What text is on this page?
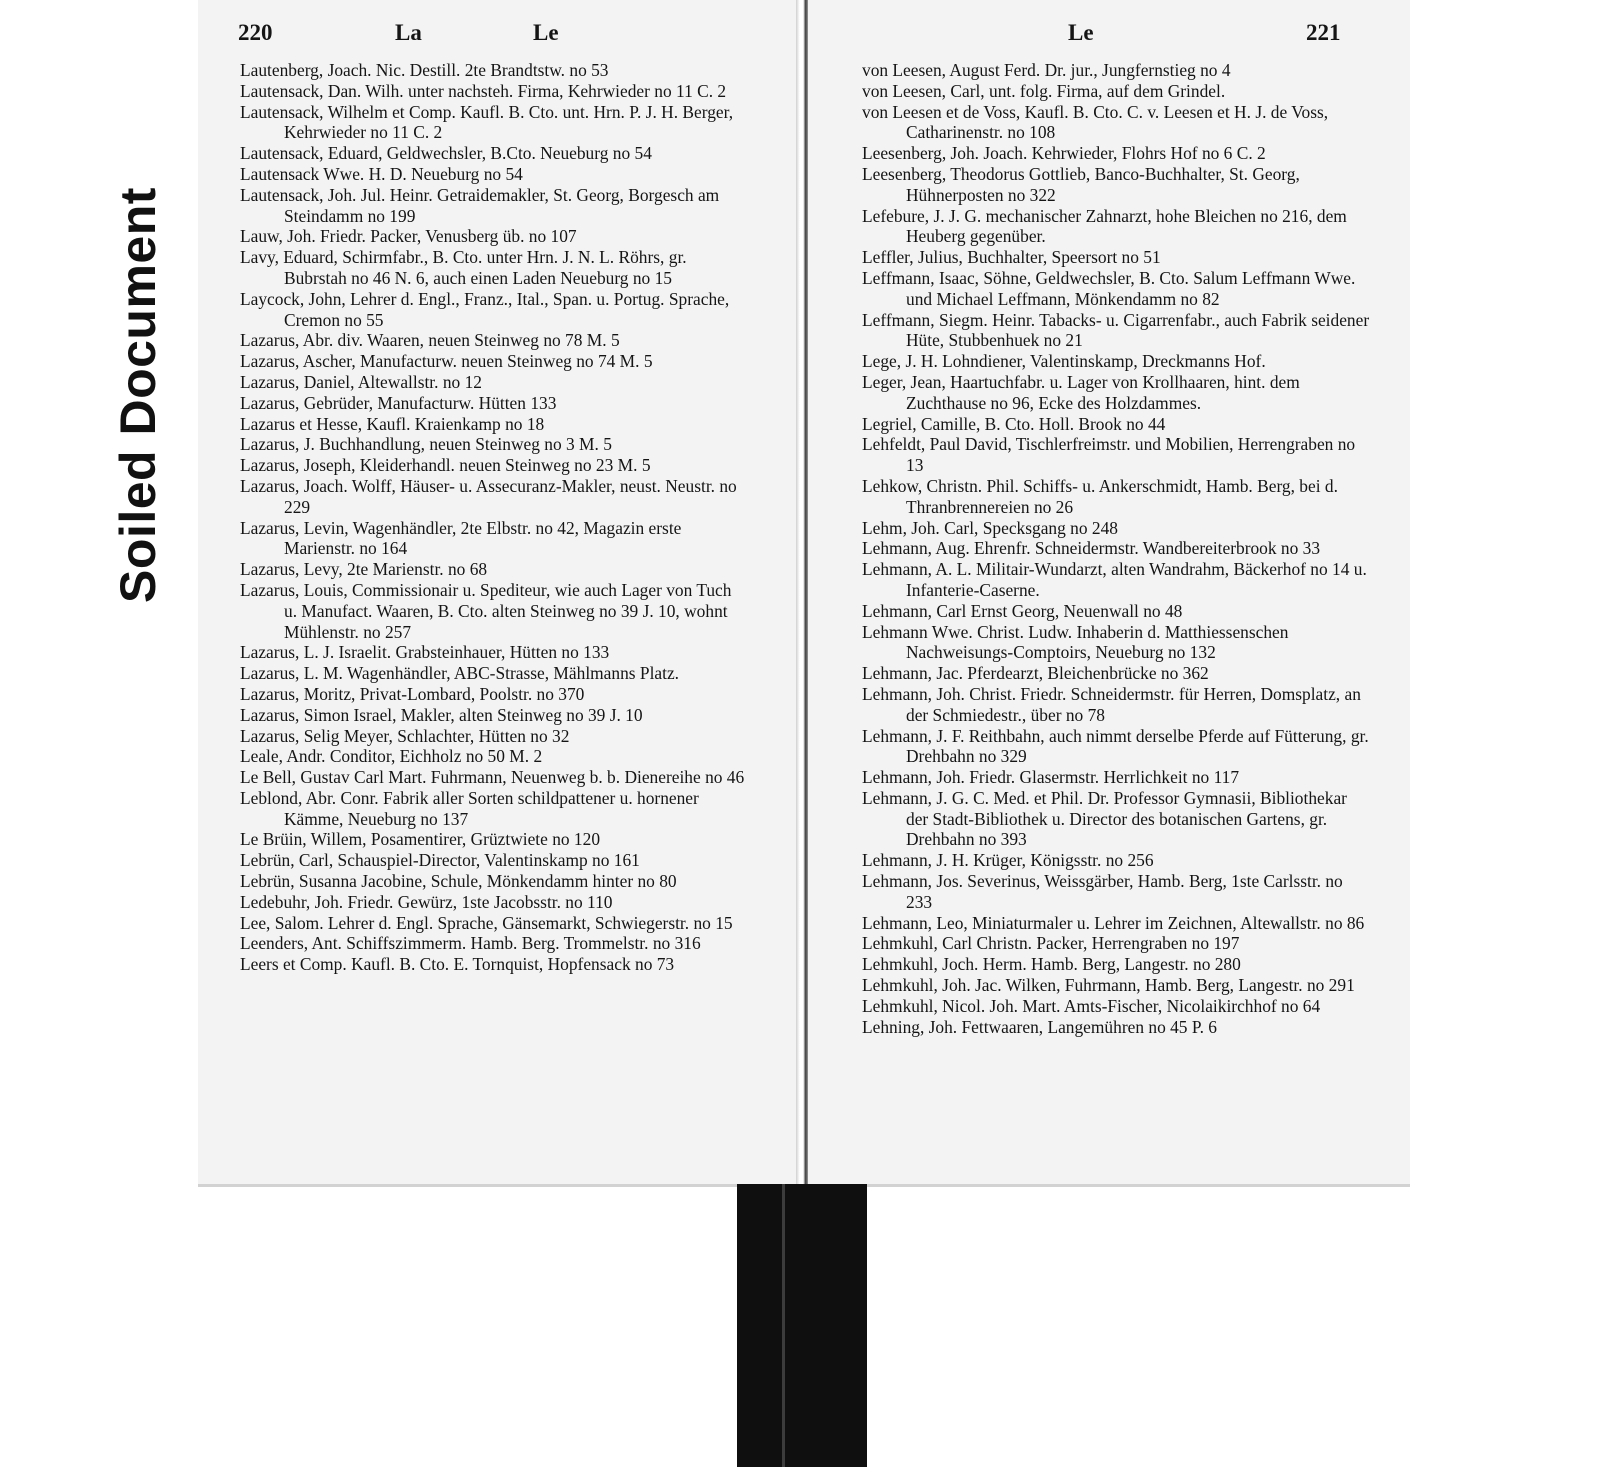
Soiled Document
220	La	Le
Lautenberg, Joach. Nic. Destill. 2te Brandtstw. no 53
Lautensack, Dan. Wilh. unter nachsteh. Firma, Kehrwieder no 11 C. 2
Lautensack, Wilhelm et Comp. Kaufl. B. Cto. unt. Hrn. P. J. H. Berger, Kehrwieder no 11 C. 2
Lautensack, Eduard, Geldwechsler, B.Cto. Neueburg no 54
Lautensack Wwe. H. D. Neueburg no 54
Lautensack, Joh. Jul. Heinr. Getraidemakler, St. Georg, Borgesch am Steindamm no 199
Lauw, Joh. Friedr. Packer, Venusberg üb. no 107
Lavy, Eduard, Schirmfabr., B. Cto. unter Hrn. J. N. L. Röhrs, gr. Bubrstah no 46 N. 6, auch einen Laden Neueburg no 15
Laycock, John, Lehrer d. Engl., Franz., Ital., Span. u. Portug. Sprache, Cremon no 55
Lazarus, Abr. div. Waaren, neuen Steinweg no 78 M. 5
Lazarus, Ascher, Manufacturw. neuen Steinweg no 74 M. 5
Lazarus, Daniel, Altewallstr. no 12
Lazarus, Gebrüder, Manufacturw. Hütten 133
Lazarus et Hesse, Kaufl. Kraienkamp no 18
Lazarus, J. Buchhandlung, neuen Steinweg no 3 M. 5
Lazarus, Joseph, Kleiderhandl. neuen Steinweg no 23 M. 5
Lazarus, Joach. Wolff, Häuser- u. Assecuranz-Makler, neust. Neustr. no 229
Lazarus, Levin, Wagenhändler, 2te Elbstr. no 42, Magazin erste Marienstr. no 164
Lazarus, Levy, 2te Marienstr. no 68
Lazarus, Louis, Commissionair u. Spediteur, wie auch Lager von Tuch u. Manufact. Waaren, B. Cto. alten Steinweg no 39 J. 10, wohnt Mühlenstr. no 257
Lazarus, L. J. Israelit. Grabsteinhauer, Hütten no 133
Lazarus, L. M. Wagenhändler, ABC-Strasse, Mählmanns Platz.
Lazarus, Moritz, Privat-Lombard, Poolstr. no 370
Lazarus, Simon Israel, Makler, alten Steinweg no 39 J. 10
Lazarus, Selig Meyer, Schlachter, Hütten no 32
Leale, Andr. Conditor, Eichholz no 50 M. 2
Le Bell, Gustav Carl Mart. Fuhrmann, Neuenweg b. b. Dienereihe no 46
Leblond, Abr. Conr. Fabrik aller Sorten schildpattener u. hornener Kämme, Neueburg no 137
Le Brüin, Willem, Posamentirer, Grüztwiete no 120
Lebrün, Carl, Schauspiel-Director, Valentinskamp no 161
Lebrün, Susanna Jacobine, Schule, Mönkendamm hinter no 80
Ledebuhr, Joh. Friedr. Gewürz, 1ste Jacobsstr. no 110
Lee, Salom. Lehrer d. Engl. Sprache, Gänsemarkt, Schwiegerstr. no 15
Leenders, Ant. Schiffszimmerm. Hamb. Berg. Trommelstr. no 316
Leers et Comp. Kaufl. B. Cto. E. Tornquist, Hopfensack no 73
Le	221
von Leesen, August Ferd. Dr. jur., Jungfernstieg no 4
von Leesen, Carl, unt. folg. Firma, auf dem Grindel.
von Leesen et de Voss, Kaufl. B. Cto. C. v. Leesen et H. J. de Voss, Catharinenstr. no 108
Leesenberg, Joh. Joach. Kehrwieder, Flohrs Hof no 6 C. 2
Leesenberg, Theodorus Gottlieb, Banco-Buchhalter, St. Georg, Hühnerposten no 322
Lefebure, J. J. G. mechanischer Zahnarzt, hohe Bleichen no 216, dem Heuberg gegenüber.
Leffler, Julius, Buchhalter, Speersort no 51
Leffmann, Isaac, Söhne, Geldwechsler, B. Cto. Salum Leffmann Wwe. und Michael Leffmann, Mönkendamm no 82
Leffmann, Siegm. Heinr. Tabacks- u. Cigarrenfabr., auch Fabrik seidener Hüte, Stubbenhuek no 21
Lege, J. H. Lohndiener, Valentinskamp, Dreckmanns Hof.
Leger, Jean, Haartuchfabr. u. Lager von Krollhaaren, hint. dem Zuchthause no 96, Ecke des Holzdammes.
Legriel, Camille, B. Cto. Holl. Brook no 44
Lehfeldt, Paul David, Tischlerfreimstr. und Mobilien, Herrengraben no 13
Lehkow, Christn. Phil. Schiffs- u. Ankerschmidt, Hamb. Berg, bei d. Thranbrennereien no 26
Lehm, Joh. Carl, Specksgang no 248
Lehmann, Aug. Ehrenfr. Schneidermstr. Wandbereiterbrook no 33
Lehmann, A. L. Militair-Wundarzt, alten Wandrahm, Bäckerhof no 14 u. Infanterie-Caserne.
Lehmann, Carl Ernst Georg, Neuenwall no 48
Lehmann Wwe. Christ. Ludw. Inhaberin d. Matthiessenschen Nachweisungs-Comptoirs, Neueburg no 132
Lehmann, Jac. Pferdearzt, Bleichenbrücke no 362
Lehmann, Joh. Christ. Friedr. Schneidermstr. für Herren, Domsplatz, an der Schmiedestr., über no 78
Lehmann, J. F. Reithbahn, auch nimmt derselbe Pferde auf Fütterung, gr. Drehbahn no 329
Lehmann, Joh. Friedr. Glasermstr. Herrlichkeit no 117
Lehmann, J. G. C. Med. et Phil. Dr. Professor Gymnasii, Bibliothekar der Stadt-Bibliothek u. Director des botanischen Gartens, gr. Drehbahn no 393
Lehmann, J. H. Krüger, Königsstr. no 256
Lehmann, Jos. Severinus, Weissgärber, Hamb. Berg, 1ste Carlsstr. no 233
Lehmann, Leo, Miniaturmaler u. Lehrer im Zeichnen, Altewallstr. no 86
Lehmkuhl, Carl Christn. Packer, Herrengraben no 197
Lehmkuhl, Joch. Herm. Hamb. Berg, Langestr. no 280
Lehmkuhl, Joh. Jac. Wilken, Fuhrmann, Hamb. Berg, Langestr. no 291
Lehmkuhl, Nicol. Joh. Mart. Amts-Fischer, Nicolaikirchhof no 64
Lehning, Joh. Fettwaaren, Langemühren no 45 P. 6
